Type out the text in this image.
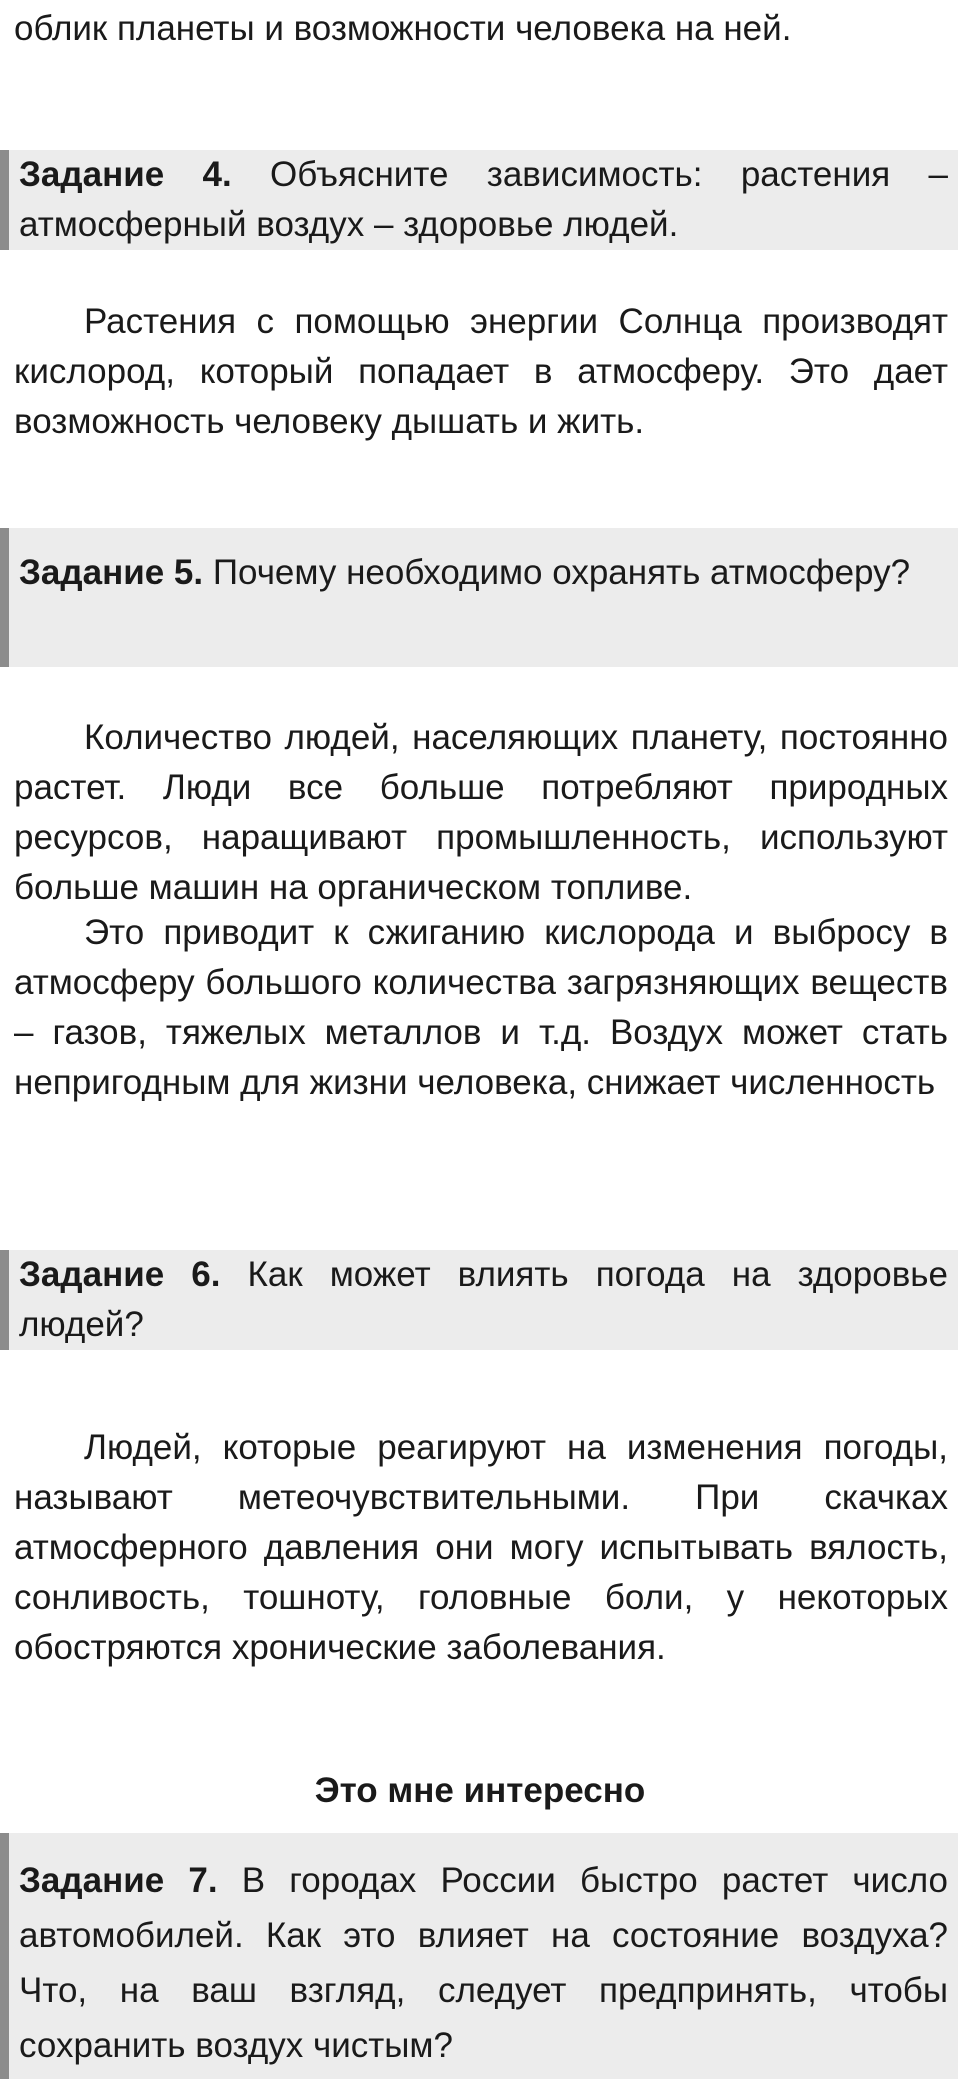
облик планеты и возможности человека на ней.

Задание 4. Объясните зависимость: растения – атмосферный воздух – здоровье людей.

Растения с помощью энергии Солнца производят кислород, который попадает в атмосферу. Это дает возможность человеку дышать и жить.

Задание 5. Почему необходимо охранять атмосферу?

Количество людей, населяющих планету, постоянно растет. Люди все больше потребляют природных ресурсов, наращивают промышленность, используют больше машин на органическом топливе.

Это приводит к сжиганию кислорода и выбросу в атмосферу большого количества загрязняющих веществ – газов, тяжелых металлов и т.д. Воздух может стать непригодным для жизни человека, снижает численность

Задание 6. Как может влиять погода на здоровье людей?

Людей, которые реагируют на изменения погоды, называют метеочувствительными. При скачках атмосферного давления они могу испытывать вялость, сонливость, тошноту, головные боли, у некоторых обостряются хронические заболевания.

Это мне интересно

Задание 7. В городах России быстро растет число автомобилей. Как это влияет на состояние воздуха? Что, на ваш взгляд, следует предпринять, чтобы сохранить воздух чистым?
